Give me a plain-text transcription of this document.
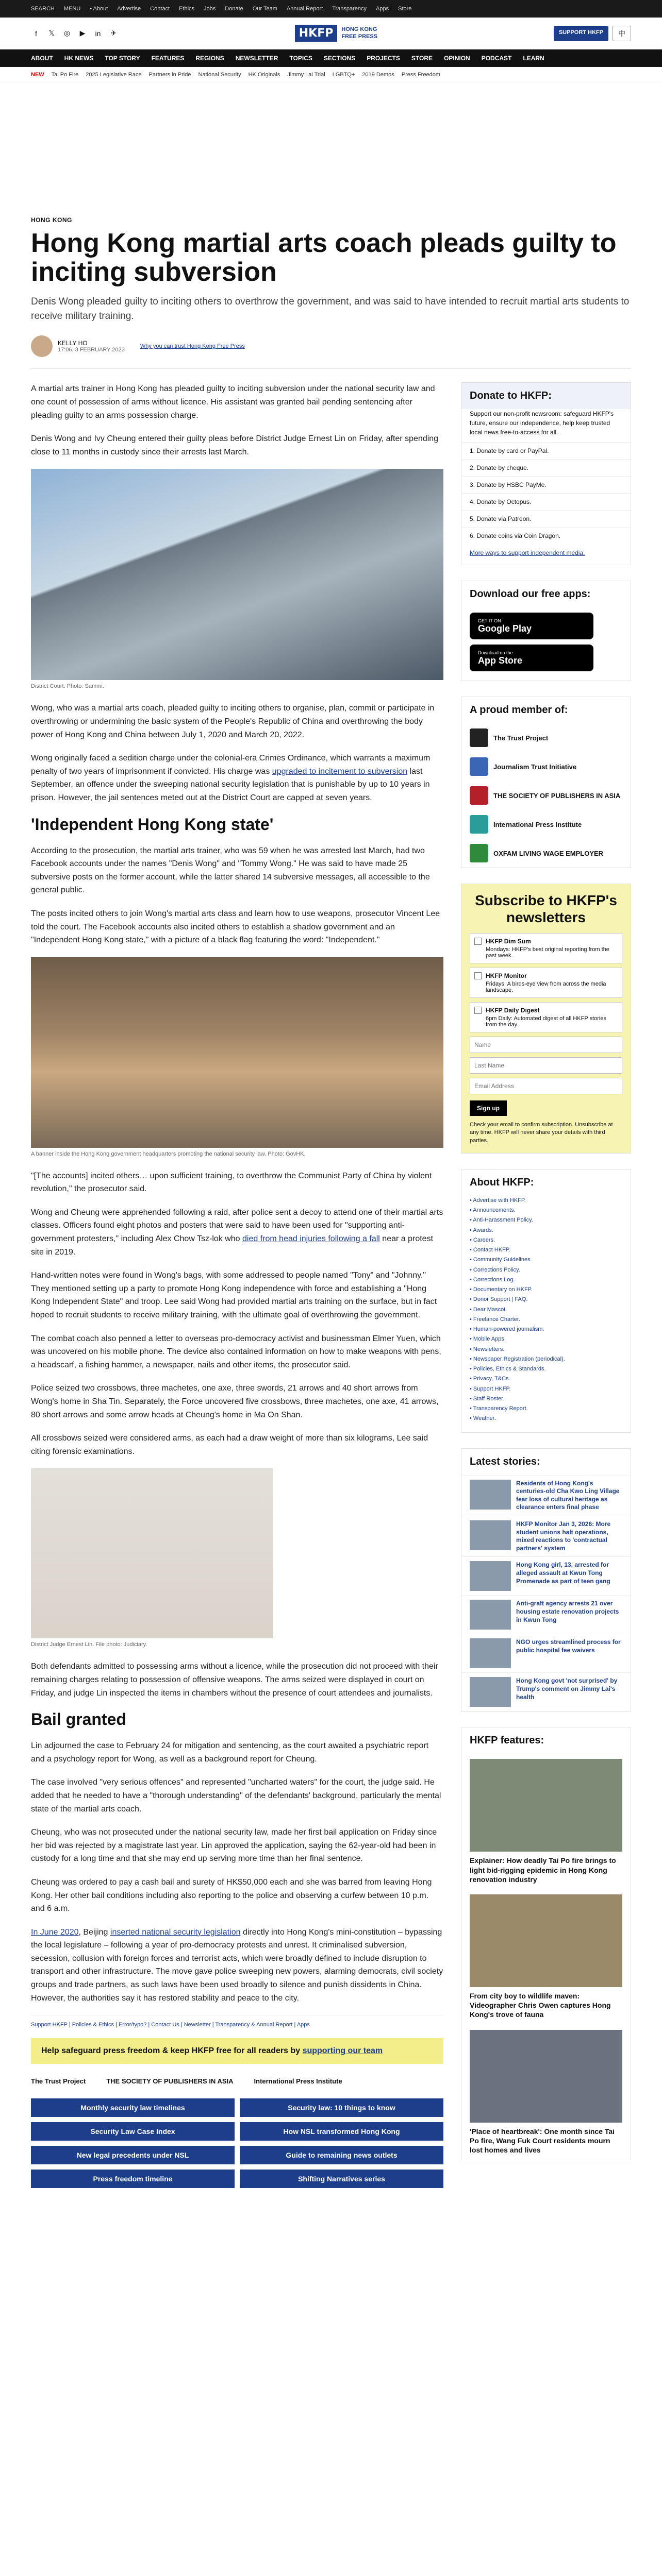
SEARCH MENU • About Advertise Contact Ethics Jobs Donate Our Team Annual Report Transparency Apps Store
f	𝕏	◎	▶	in	✈	HKFP	HONG KONG
FREE PRESS
SUPPORT HKFP	中
ABOUT HK NEWS TOP STORY FEATURES REGIONS NEWSLETTER TOPICS SECTIONS PROJECTS STORE OPINION PODCAST LEARN
NEW Tai Po Fire 2025 Legislative Race Partners in Pride National Security HK Originals Jimmy Lai Trial LGBTQ+ 2019 Demos Press Freedom
HONG KONG
Hong Kong martial arts coach pleads guilty to inciting subversion
Denis Wong pleaded guilty to inciting others to overthrow the government, and was said to have intended to recruit martial arts students to receive military training.
KELLY HO
17:06, 3 FEBRUARY 2023
Why you can trust Hong Kong Free Press

A martial arts trainer in Hong Kong has pleaded guilty to inciting subversion under the national security law and one count of possession of arms without licence. His assistant was granted bail pending sentencing after pleading guilty to an arms possession charge.

Denis Wong and Ivy Cheung entered their guilty pleas before District Judge Ernest Lin on Friday, after spending close to 11 months in custody since their arrests last March.

District Court. Photo: Sammi.

Wong, who was a martial arts coach, pleaded guilty to inciting others to organise, plan, commit or participate in overthrowing or undermining the basic system of the People's Republic of China and overthrowing the body power of Hong Kong and China between July 1, 2020 and March 20, 2022.

Wong originally faced a sedition charge under the colonial-era Crimes Ordinance, which warrants a maximum penalty of two years of imprisonment if convicted. His charge was upgraded to incitement to subversion last September, an offence under the sweeping national security legislation that is punishable by up to 10 years in prison. However, the jail sentences meted out at the District Court are capped at seven years.

'Independent Hong Kong state'

According to the prosecution, the martial arts trainer, who was 59 when he was arrested last March, had two Facebook accounts under the names "Denis Wong" and "Tommy Wong." He was said to have made 25 subversive posts on the former account, while the latter shared 14 subversive messages, all accessible to the general public.

The posts incited others to join Wong's martial arts class and learn how to use weapons, prosecutor Vincent Lee told the court. The Facebook accounts also incited others to establish a shadow government and an "Independent Hong Kong state," with a picture of a black flag featuring the word: "Independent."

A banner inside the Hong Kong government headquarters promoting the national security law. Photo: GovHK.

"[The accounts] incited others… upon sufficient training, to overthrow the Communist Party of China by violent revolution," the prosecutor said.

Wong and Cheung were apprehended following a raid, after police sent a decoy to attend one of their martial arts classes. Officers found eight photos and posters that were said to have been used for "supporting anti-government protesters," including Alex Chow Tsz-lok who died from head injuries following a fall near a protest site in 2019.

Hand-written notes were found in Wong's bags, with some addressed to people named "Tony" and "Johnny." They mentioned setting up a party to promote Hong Kong independence with force and establishing a "Hong Kong Independent State" and troop. Lee said Wong had provided martial arts training on the surface, but in fact hoped to recruit students to receive military training, with the ultimate goal of overthrowing the government.

The combat coach also penned a letter to overseas pro-democracy activist and businessman Elmer Yuen, which was uncovered on his mobile phone. The device also contained information on how to make weapons with pens, a headscarf, a fishing hammer, a newspaper, nails and other items, the prosecutor said.

Police seized two crossbows, three machetes, one axe, three swords, 21 arrows and 40 short arrows from Wong's home in Sha Tin. Separately, the Force uncovered five crossbows, three machetes, one axe, 41 arrows, 80 short arrows and some arrow heads at Cheung's home in Ma On Shan.

All crossbows seized were considered arms, as each had a draw weight of more than six kilograms, Lee said citing forensic examinations.

District Judge Ernest Lin. File photo: Judiciary.

Both defendants admitted to possessing arms without a licence, while the prosecution did not proceed with their remaining charges relating to possession of offensive weapons. The arms seized were displayed in court on Friday, and judge Lin inspected the items in chambers without the presence of court attendees and journalists.

Bail granted

Lin adjourned the case to February 24 for mitigation and sentencing, as the court awaited a psychiatric report and a psychology report for Wong, as well as a background report for Cheung.

The case involved "very serious offences" and represented "uncharted waters" for the court, the judge said. He added that he needed to have a "thorough understanding" of the defendants' background, particularly the mental state of the martial arts coach.

Cheung, who was not prosecuted under the national security law, made her first bail application on Friday since her bid was rejected by a magistrate last year. Lin approved the application, saying the 62-year-old had been in custody for a long time and that she may end up serving more time than her final sentence.

Cheung was ordered to pay a cash bail and surety of HK$50,000 each and she was barred from leaving Hong Kong. Her other bail conditions including also reporting to the police and observing a curfew between 10 p.m. and 6 a.m.

In June 2020, Beijing inserted national security legislation directly into Hong Kong's mini-constitution – bypassing the local legislature – following a year of pro-democracy protests and unrest. It criminalised subversion, secession, collusion with foreign forces and terrorist acts, which were broadly defined to include disruption to transport and other infrastructure. The move gave police sweeping new powers, alarming democrats, civil society groups and trade partners, as such laws have been used broadly to silence and punish dissidents in China. However, the authorities say it has restored stability and peace to the city.

Support HKFP | Policies & Ethics | Error/typo? | Contact Us | Newsletter | Transparency & Annual Report | Apps
Help safeguard press freedom & keep HKFP free for all readers by supporting our team
The Trust Project	THE SOCIETY OF PUBLISHERS IN ASIA	International Press Institute
Monthly security law timelines	Security law: 10 things to know
Security Law Case Index	How NSL transformed Hong Kong
New legal precedents under NSL	Guide to remaining news outlets
Press freedom timeline	Shifting Narratives series
Donate to HKFP:

Support our non-profit newsroom: safeguard HKFP's future, ensure our independence, help keep trusted local news free-to-access for all.

1. Donate by card or PayPal.
2. Donate by cheque.
3. Donate by HSBC PayMe.
4. Donate by Octopus.
5. Donate via Patreon.
6. Donate coins via Coin Dragon.
More ways to support independent media.
Download our free apps:
GET IT ON
Google Play
Download on the
App Store
A proud member of:
The Trust Project
Journalism Trust Initiative
THE SOCIETY OF PUBLISHERS IN ASIA
International Press Institute
OXFAM LIVING WAGE EMPLOYER
Subscribe to HKFP's newsletters
HKFP Dim Sum
Mondays: HKFP's best original reporting from the past week.
HKFP Monitor
Fridays: A birds-eye view from across the media landscape.
HKFP Daily Digest
6pm Daily: Automated digest of all HKFP stories from the day.
Name Last Name Email Address Sign up
Check your email to confirm subscription. Unsubscribe at any time. HKFP will never share your details with third parties.
About HKFP:
• Advertise with HKFP.
• Announcements.
• Anti-Harassment Policy.
• Awards.
• Careers.
• Contact HKFP.
• Community Guidelines.
• Corrections Policy.
• Corrections Log.
• Documentary on HKFP.
• Donor Support | FAQ.
• Dear Mascot.
• Freelance Charter.
• Human-powered journalism.
• Mobile Apps.
• Newsletters.
• Newspaper Registration (periodical).
• Policies, Ethics & Standards.
• Privacy, T&Cs.
• Support HKFP.
• Staff Roster.
• Transparency Report.
• Weather.
Latest stories:
Residents of Hong Kong's centuries-old Cha Kwo Ling Village fear loss of cultural heritage as clearance enters final phase
HKFP Monitor Jan 3, 2026: More student unions halt operations, mixed reactions to 'contractual partners' system
Hong Kong girl, 13, arrested for alleged assault at Kwun Tong Promenade as part of teen gang
Anti-graft agency arrests 21 over housing estate renovation projects in Kwun Tong
NGO urges streamlined process for public hospital fee waivers
Hong Kong govt 'not surprised' by Trump's comment on Jimmy Lai's health
HKFP features:
Explainer: How deadly Tai Po fire brings to light bid-rigging epidemic in Hong Kong renovation industry
From city boy to wildlife maven: Videographer Chris Owen captures Hong Kong's trove of fauna
'Place of heartbreak': One month since Tai Po fire, Wang Fuk Court residents mourn lost homes and lives
